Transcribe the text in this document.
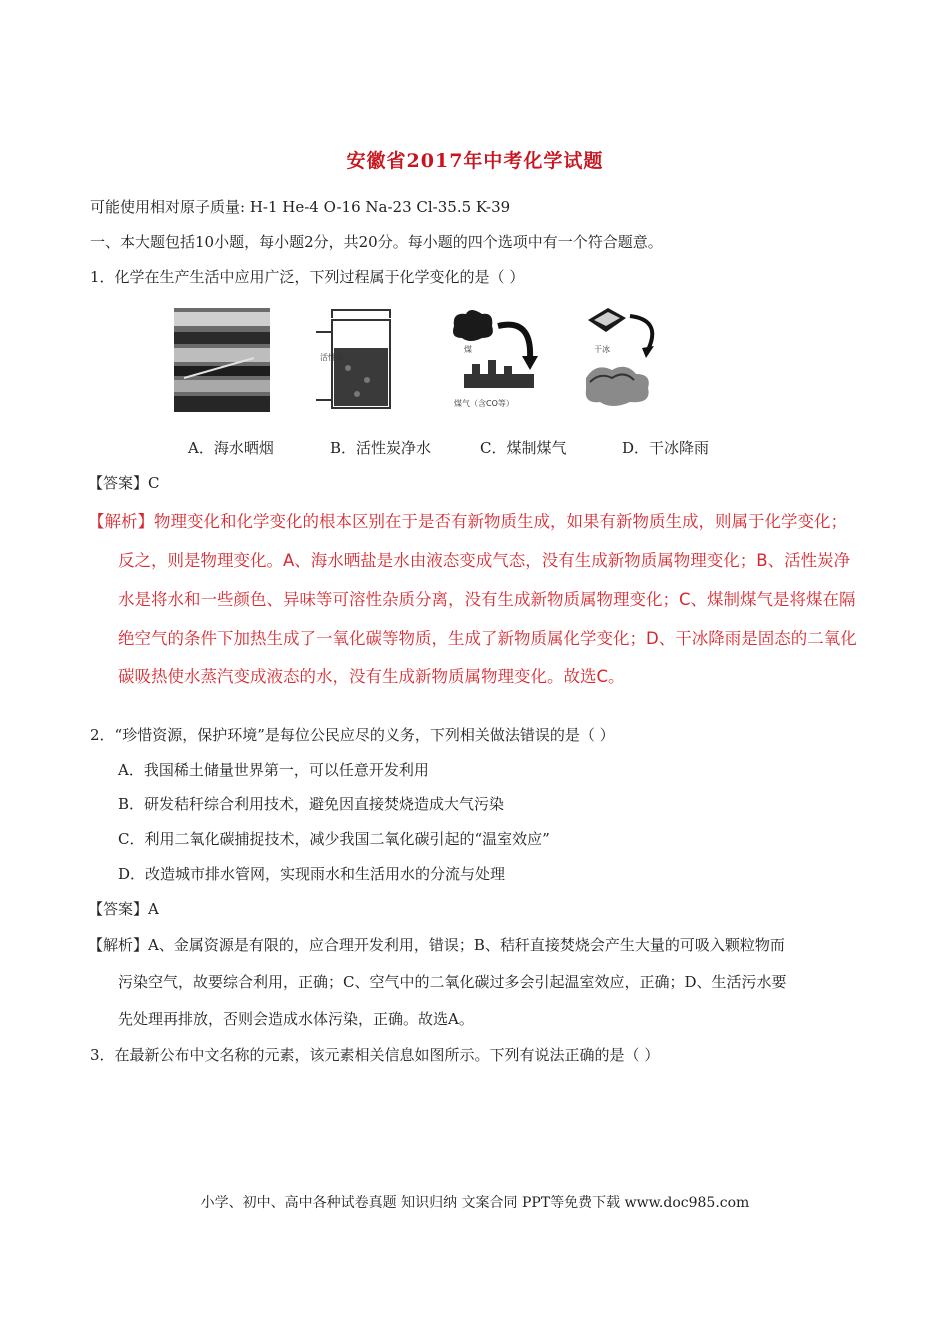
安徽省2017年中考化学试题
可能使用相对原子质量: H-1 He-4 O-16 Na-23 Cl-35.5 K-39
一、本大题包括10小题，每小题2分，共20分。每小题的四个选项中有一个符合题意。
1．化学在生产生活中应用广泛，下列过程属于化学变化的是（ ）
活性炭
煤
煤气（含CO等）
干冰
A．海水晒烟	B．活性炭净水	C．煤制煤气	D．干冰降雨
【答案】C
【解析】物理变化和化学变化的根本区别在于是否有新物质生成，如果有新物质生成，则属于化学变化；
反之，则是物理变化。A、海水晒盐是水由液态变成气态，没有生成新物质属物理变化；B、活性炭净
水是将水和一些颜色、异味等可溶性杂质分离，没有生成新物质属物理变化；C、煤制煤气是将煤在隔
绝空气的条件下加热生成了一氧化碳等物质，生成了新物质属化学变化；D、干冰降雨是固态的二氧化
碳吸热使水蒸汽变成液态的水，没有生成新物质属物理变化。故选C。
2．“珍惜资源，保护环境”是每位公民应尽的义务，下列相关做法错误的是（ ）
A．我国稀土储量世界第一，可以任意开发利用
B．研发秸秆综合利用技术，避免因直接焚烧造成大气污染
C．利用二氧化碳捕捉技术，减少我国二氧化碳引起的“温室效应”
D．改造城市排水管网，实现雨水和生活用水的分流与处理
【答案】A
【解析】A、金属资源是有限的，应合理开发利用，错误；B、秸秆直接焚烧会产生大量的可吸入颗粒物而
污染空气，故要综合利用，正确；C、空气中的二氧化碳过多会引起温室效应，正确；D、生活污水要
先处理再排放，否则会造成水体污染，正确。故选A。
3．在最新公布中文名称的元素，该元素相关信息如图所示。下列有说法正确的是（ ）
小学、初中、高中各种试卷真题 知识归纳 文案合同 PPT等免费下载 www.doc985.com
